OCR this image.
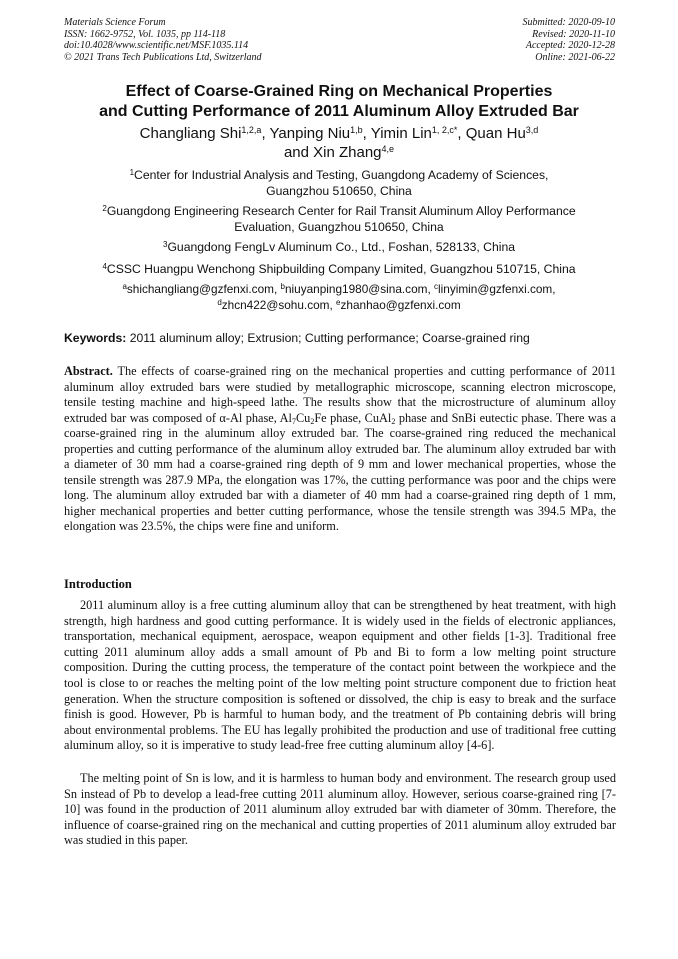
Materials Science Forum
ISSN: 1662-9752, Vol. 1035, pp 114-118
doi:10.4028/www.scientific.net/MSF.1035.114
© 2021 Trans Tech Publications Ltd, Switzerland
Submitted: 2020-09-10
Revised: 2020-11-10
Accepted: 2020-12-28
Online: 2021-06-22
Effect of Coarse-Grained Ring on Mechanical Properties
and Cutting Performance of 2011 Aluminum Alloy Extruded Bar
Changliang Shi$^{1,2,a}$, Yanping Niu$^{1,b}$, Yimin Lin$^{1, 2,c*}$, Quan Hu$^{3,d}$
and Xin Zhang$^{4,e}$
$^1$Center for Industrial Analysis and Testing, Guangdong Academy of Sciences,
Guangzhou 510650, China
$^2$Guangdong Engineering Research Center for Rail Transit Aluminum Alloy Performance
Evaluation, Guangzhou 510650, China
$^3$Guangdong FengLv Aluminum Co., Ltd., Foshan, 528133, China
$^4$CSSC Huangpu Wenchong Shipbuilding Company Limited, Guangzhou 510715, China
$^a$shichangliang@gzfenxi.com, $^b$niuyanping1980@sina.com, $^c$linyimin@gzfenxi.com,
$^d$zhcn422@sohu.com, $^e$zhanhao@gzfenxi.com
Keywords: 2011 aluminum alloy; Extrusion; Cutting performance; Coarse-grained ring
Abstract. The effects of coarse-grained ring on the mechanical properties and cutting performance of 2011 aluminum alloy extruded bars were studied by metallographic microscope, scanning electron microscope, tensile testing machine and high-speed lathe. The results show that the microstructure of aluminum alloy extruded bar was composed of α-Al phase, $Al_7Cu_2Fe$ phase, CuAl$_2$ phase and SnBi eutectic phase. There was a coarse-grained ring in the aluminum alloy extruded bar. The coarse-grained ring reduced the mechanical properties and cutting performance of the aluminum alloy extruded bar. The aluminum alloy extruded bar with a diameter of 30 mm had a coarse-grained ring depth of 9 mm and lower mechanical properties, whose the tensile strength was 287.9 MPa, the elongation was 17%, the cutting performance was poor and the chips were long. The aluminum alloy extruded bar with a diameter of 40 mm had a coarse-grained ring depth of 1 mm, higher mechanical properties and better cutting performance, whose the tensile strength was 394.5 MPa, the elongation was 23.5%, the chips were fine and uniform.
Introduction
2011 aluminum alloy is a free cutting aluminum alloy that can be strengthened by heat treatment, with high strength, high hardness and good cutting performance. It is widely used in the fields of electronic appliances, transportation, mechanical equipment, aerospace, weapon equipment and other fields [1-3]. Traditional free cutting 2011 aluminum alloy adds a small amount of Pb and Bi to form a low melting point structure composition. During the cutting process, the temperature of the contact point between the workpiece and the tool is close to or reaches the melting point of the low melting point structure component due to friction heat generation. When the structure composition is softened or dissolved, the chip is easy to break and the surface finish is good. However, Pb is harmful to human body, and the treatment of Pb containing debris will bring about environmental problems. The EU has legally prohibited the production and use of traditional free cutting aluminum alloy, so it is imperative to study lead-free free cutting aluminum alloy [4-6].
The melting point of Sn is low, and it is harmless to human body and environment. The research group used Sn instead of Pb to develop a lead-free cutting 2011 aluminum alloy. However, serious coarse-grained ring [7-10] was found in the production of 2011 aluminum alloy extruded bar with diameter of 30mm. Therefore, the influence of coarse-grained ring on the mechanical and cutting properties of 2011 aluminum alloy extruded bar was studied in this paper.
